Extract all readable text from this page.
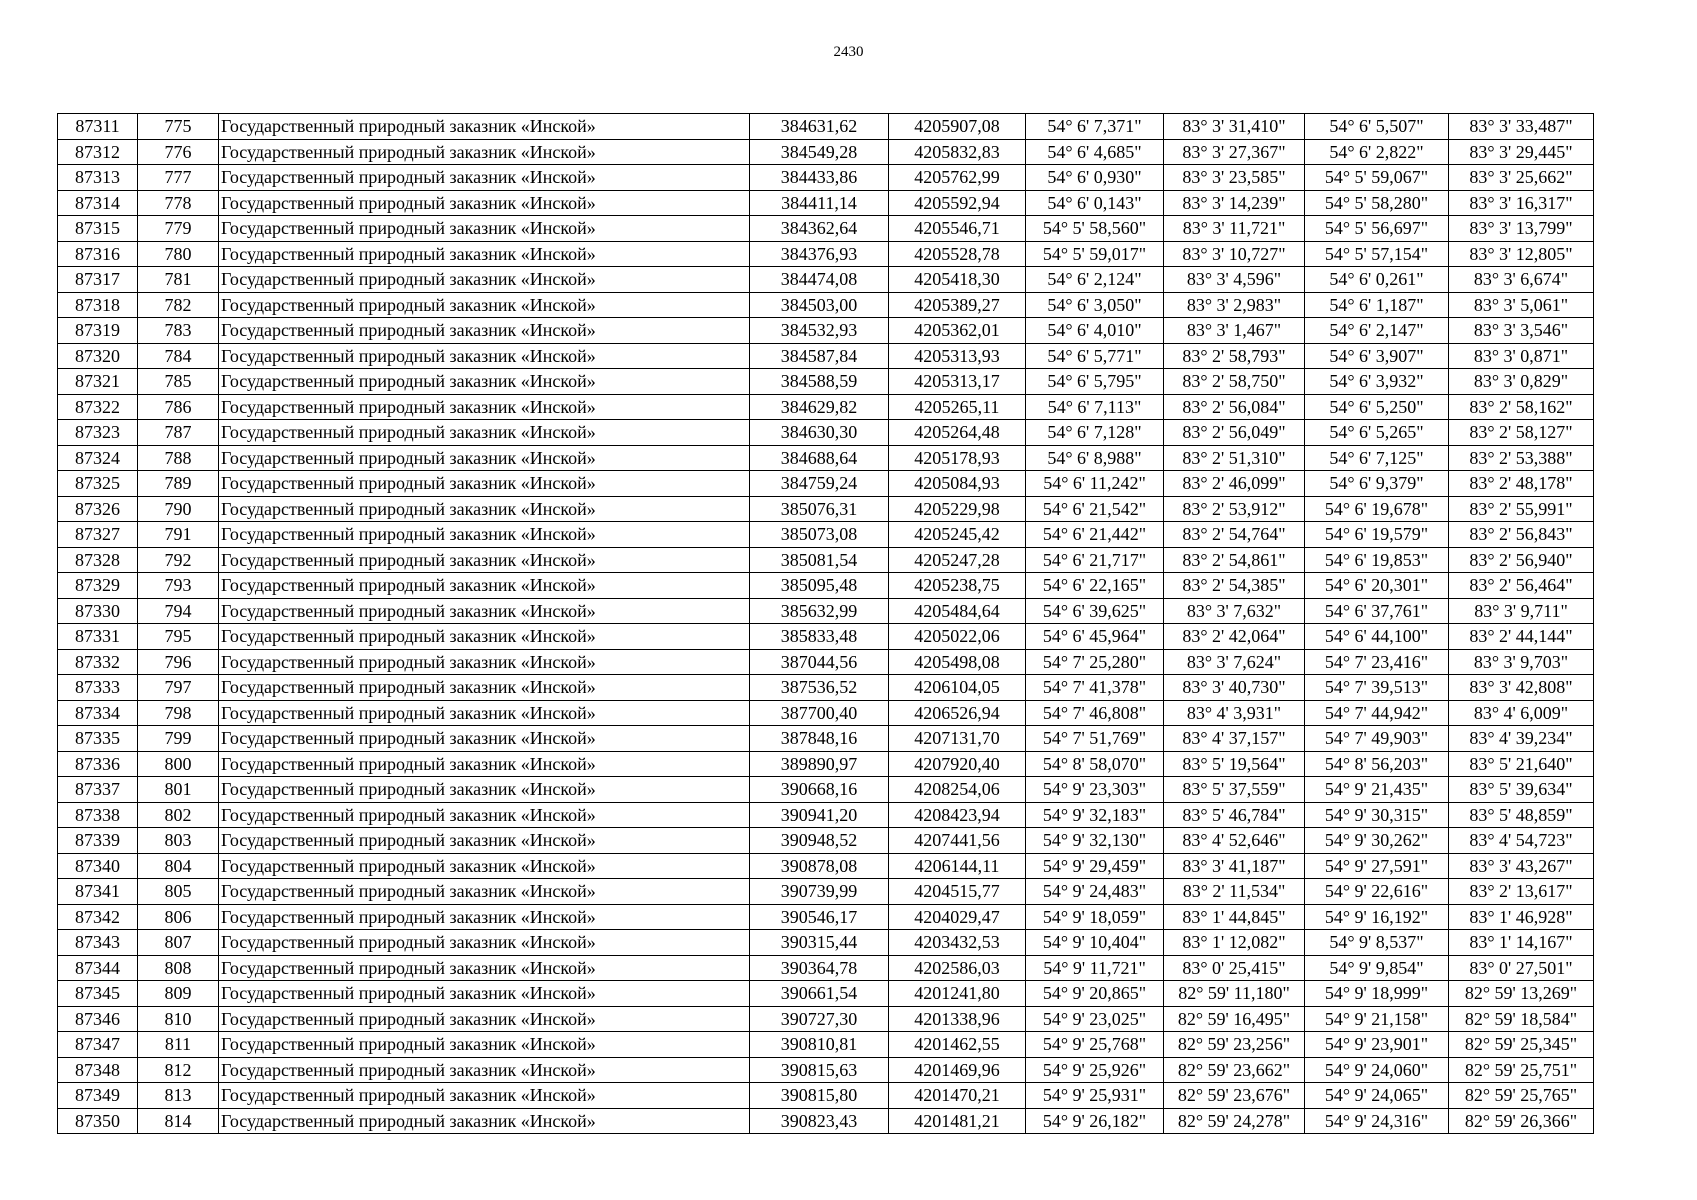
2430
87311	775	Государственный природный заказник «Инской»	384631,62	4205907,08	54° 6' 7,371"	83° 3' 31,410"	54° 6' 5,507"	83° 3' 33,487"
87312	776	Государственный природный заказник «Инской»	384549,28	4205832,83	54° 6' 4,685"	83° 3' 27,367"	54° 6' 2,822"	83° 3' 29,445"
87313	777	Государственный природный заказник «Инской»	384433,86	4205762,99	54° 6' 0,930"	83° 3' 23,585"	54° 5' 59,067"	83° 3' 25,662"
87314	778	Государственный природный заказник «Инской»	384411,14	4205592,94	54° 6' 0,143"	83° 3' 14,239"	54° 5' 58,280"	83° 3' 16,317"
87315	779	Государственный природный заказник «Инской»	384362,64	4205546,71	54° 5' 58,560"	83° 3' 11,721"	54° 5' 56,697"	83° 3' 13,799"
87316	780	Государственный природный заказник «Инской»	384376,93	4205528,78	54° 5' 59,017"	83° 3' 10,727"	54° 5' 57,154"	83° 3' 12,805"
87317	781	Государственный природный заказник «Инской»	384474,08	4205418,30	54° 6' 2,124"	83° 3' 4,596"	54° 6' 0,261"	83° 3' 6,674"
87318	782	Государственный природный заказник «Инской»	384503,00	4205389,27	54° 6' 3,050"	83° 3' 2,983"	54° 6' 1,187"	83° 3' 5,061"
87319	783	Государственный природный заказник «Инской»	384532,93	4205362,01	54° 6' 4,010"	83° 3' 1,467"	54° 6' 2,147"	83° 3' 3,546"
87320	784	Государственный природный заказник «Инской»	384587,84	4205313,93	54° 6' 5,771"	83° 2' 58,793"	54° 6' 3,907"	83° 3' 0,871"
87321	785	Государственный природный заказник «Инской»	384588,59	4205313,17	54° 6' 5,795"	83° 2' 58,750"	54° 6' 3,932"	83° 3' 0,829"
87322	786	Государственный природный заказник «Инской»	384629,82	4205265,11	54° 6' 7,113"	83° 2' 56,084"	54° 6' 5,250"	83° 2' 58,162"
87323	787	Государственный природный заказник «Инской»	384630,30	4205264,48	54° 6' 7,128"	83° 2' 56,049"	54° 6' 5,265"	83° 2' 58,127"
87324	788	Государственный природный заказник «Инской»	384688,64	4205178,93	54° 6' 8,988"	83° 2' 51,310"	54° 6' 7,125"	83° 2' 53,388"
87325	789	Государственный природный заказник «Инской»	384759,24	4205084,93	54° 6' 11,242"	83° 2' 46,099"	54° 6' 9,379"	83° 2' 48,178"
87326	790	Государственный природный заказник «Инской»	385076,31	4205229,98	54° 6' 21,542"	83° 2' 53,912"	54° 6' 19,678"	83° 2' 55,991"
87327	791	Государственный природный заказник «Инской»	385073,08	4205245,42	54° 6' 21,442"	83° 2' 54,764"	54° 6' 19,579"	83° 2' 56,843"
87328	792	Государственный природный заказник «Инской»	385081,54	4205247,28	54° 6' 21,717"	83° 2' 54,861"	54° 6' 19,853"	83° 2' 56,940"
87329	793	Государственный природный заказник «Инской»	385095,48	4205238,75	54° 6' 22,165"	83° 2' 54,385"	54° 6' 20,301"	83° 2' 56,464"
87330	794	Государственный природный заказник «Инской»	385632,99	4205484,64	54° 6' 39,625"	83° 3' 7,632"	54° 6' 37,761"	83° 3' 9,711"
87331	795	Государственный природный заказник «Инской»	385833,48	4205022,06	54° 6' 45,964"	83° 2' 42,064"	54° 6' 44,100"	83° 2' 44,144"
87332	796	Государственный природный заказник «Инской»	387044,56	4205498,08	54° 7' 25,280"	83° 3' 7,624"	54° 7' 23,416"	83° 3' 9,703"
87333	797	Государственный природный заказник «Инской»	387536,52	4206104,05	54° 7' 41,378"	83° 3' 40,730"	54° 7' 39,513"	83° 3' 42,808"
87334	798	Государственный природный заказник «Инской»	387700,40	4206526,94	54° 7' 46,808"	83° 4' 3,931"	54° 7' 44,942"	83° 4' 6,009"
87335	799	Государственный природный заказник «Инской»	387848,16	4207131,70	54° 7' 51,769"	83° 4' 37,157"	54° 7' 49,903"	83° 4' 39,234"
87336	800	Государственный природный заказник «Инской»	389890,97	4207920,40	54° 8' 58,070"	83° 5' 19,564"	54° 8' 56,203"	83° 5' 21,640"
87337	801	Государственный природный заказник «Инской»	390668,16	4208254,06	54° 9' 23,303"	83° 5' 37,559"	54° 9' 21,435"	83° 5' 39,634"
87338	802	Государственный природный заказник «Инской»	390941,20	4208423,94	54° 9' 32,183"	83° 5' 46,784"	54° 9' 30,315"	83° 5' 48,859"
87339	803	Государственный природный заказник «Инской»	390948,52	4207441,56	54° 9' 32,130"	83° 4' 52,646"	54° 9' 30,262"	83° 4' 54,723"
87340	804	Государственный природный заказник «Инской»	390878,08	4206144,11	54° 9' 29,459"	83° 3' 41,187"	54° 9' 27,591"	83° 3' 43,267"
87341	805	Государственный природный заказник «Инской»	390739,99	4204515,77	54° 9' 24,483"	83° 2' 11,534"	54° 9' 22,616"	83° 2' 13,617"
87342	806	Государственный природный заказник «Инской»	390546,17	4204029,47	54° 9' 18,059"	83° 1' 44,845"	54° 9' 16,192"	83° 1' 46,928"
87343	807	Государственный природный заказник «Инской»	390315,44	4203432,53	54° 9' 10,404"	83° 1' 12,082"	54° 9' 8,537"	83° 1' 14,167"
87344	808	Государственный природный заказник «Инской»	390364,78	4202586,03	54° 9' 11,721"	83° 0' 25,415"	54° 9' 9,854"	83° 0' 27,501"
87345	809	Государственный природный заказник «Инской»	390661,54	4201241,80	54° 9' 20,865"	82° 59' 11,180"	54° 9' 18,999"	82° 59' 13,269"
87346	810	Государственный природный заказник «Инской»	390727,30	4201338,96	54° 9' 23,025"	82° 59' 16,495"	54° 9' 21,158"	82° 59' 18,584"
87347	811	Государственный природный заказник «Инской»	390810,81	4201462,55	54° 9' 25,768"	82° 59' 23,256"	54° 9' 23,901"	82° 59' 25,345"
87348	812	Государственный природный заказник «Инской»	390815,63	4201469,96	54° 9' 25,926"	82° 59' 23,662"	54° 9' 24,060"	82° 59' 25,751"
87349	813	Государственный природный заказник «Инской»	390815,80	4201470,21	54° 9' 25,931"	82° 59' 23,676"	54° 9' 24,065"	82° 59' 25,765"
87350	814	Государственный природный заказник «Инской»	390823,43	4201481,21	54° 9' 26,182"	82° 59' 24,278"	54° 9' 24,316"	82° 59' 26,366"
